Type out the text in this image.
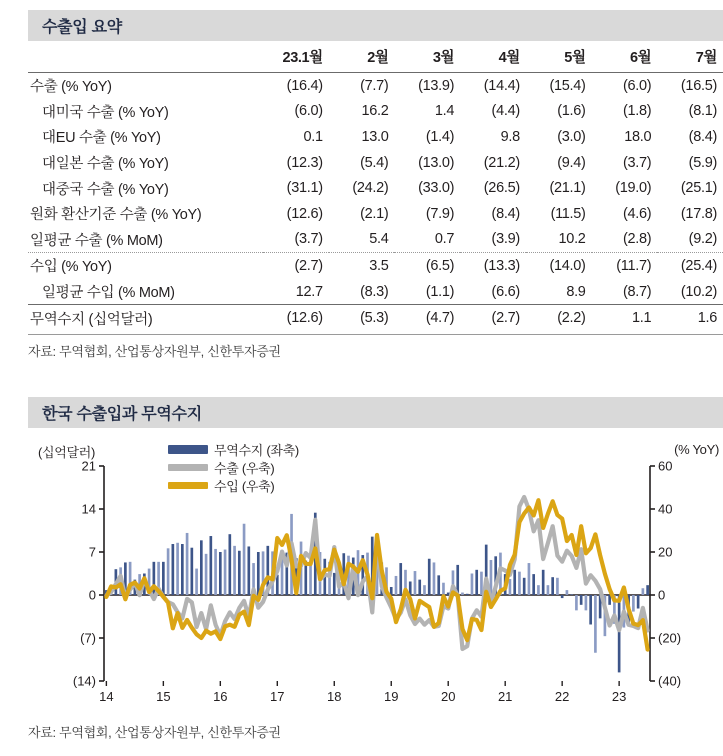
수출입 요약
	23.1월	2월	3월	4월	5월	6월	7월
수출 (% YoY)	(16.4)	(7.7)	(13.9)	(14.4)	(15.4)	(6.0)	(16.5)
대미국 수출 (% YoY)	(6.0)	16.2	1.4	(4.4)	(1.6)	(1.8)	(8.1)
대EU 수출 (% YoY)	0.1	13.0	(1.4)	9.8	(3.0)	18.0	(8.4)
대일본 수출 (% YoY)	(12.3)	(5.4)	(13.0)	(21.2)	(9.4)	(3.7)	(5.9)
대중국 수출 (% YoY)	(31.1)	(24.2)	(33.0)	(26.5)	(21.1)	(19.0)	(25.1)
원화 환산기준 수출 (% YoY)	(12.6)	(2.1)	(7.9)	(8.4)	(11.5)	(4.6)	(17.8)
일평균 수출 (% MoM)	(3.7)	5.4	0.7	(3.9)	10.2	(2.8)	(9.2)
수입 (% YoY)	(2.7)	3.5	(6.5)	(13.3)	(14.0)	(11.7)	(25.4)
일평균 수입 (% MoM)	12.7	(8.3)	(1.1)	(6.6)	8.9	(8.7)	(10.2)
무역수지 (십억달러)	(12.6)	(5.3)	(4.7)	(2.7)	(2.2)	1.1	1.6
자료: 무역협회, 산업통상자원부, 신한투자증권
한국 수출입과 무역수지
(십억달러)	(% YoY)
무역수지 (좌축)
수출 (우축)
수입 (우축)
21
14
7
0
(7)
(14)
60
40
20
0
(20)
(40)
14	15	16	17	18	19	20	21	22	23
자료: 무역협회, 산업통상자원부, 신한투자증권
